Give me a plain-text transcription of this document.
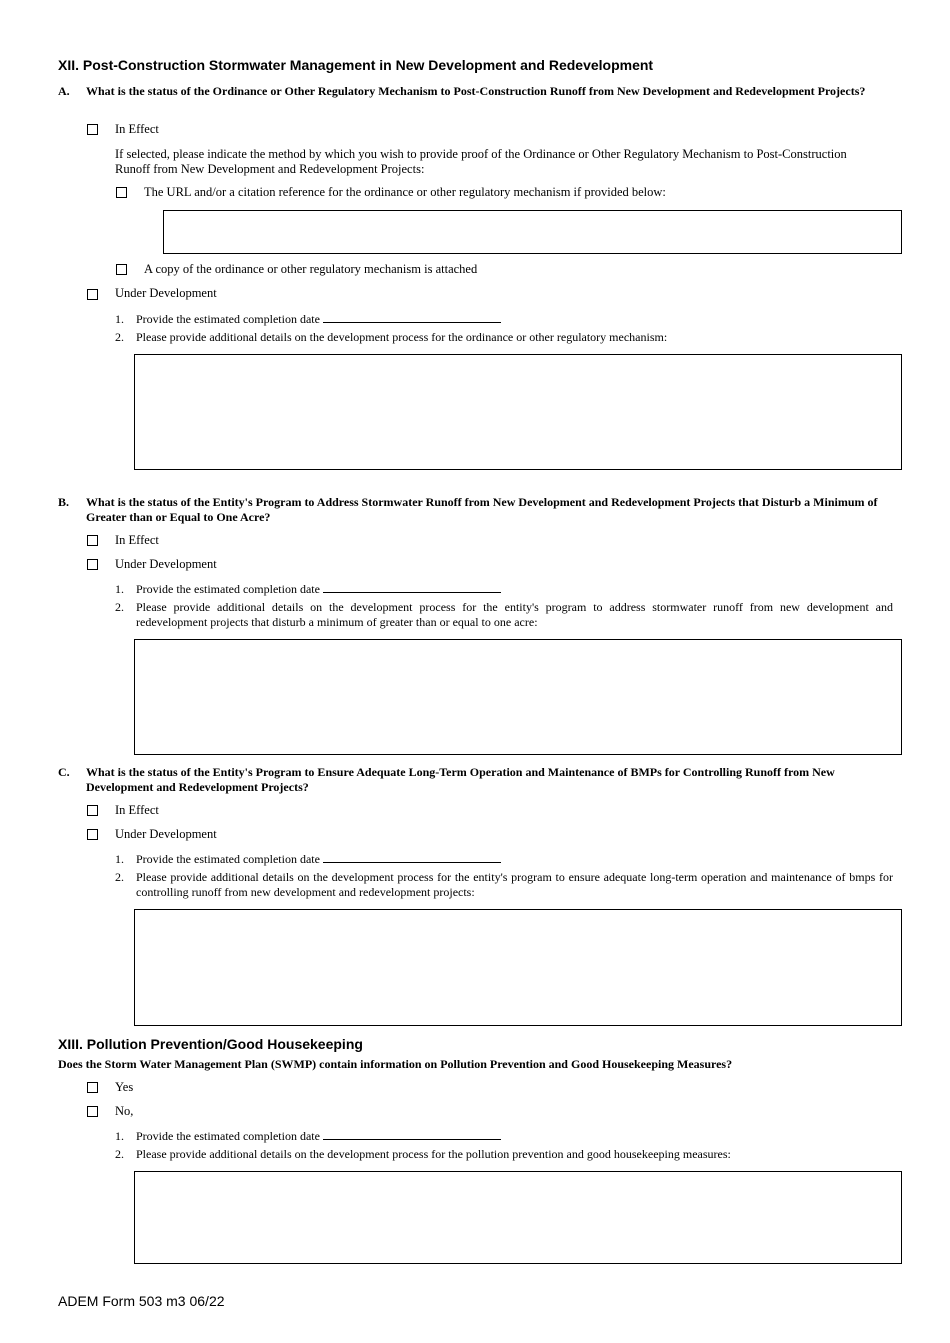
XII. Post-Construction Stormwater Management in New Development and Redevelopment
A. What is the status of the Ordinance or Other Regulatory Mechanism to Post-Construction Runoff from New Development and Redevelopment Projects?
In Effect
If selected, please indicate the method by which you wish to provide proof of the Ordinance or Other Regulatory Mechanism to Post-Construction Runoff from New Development and Redevelopment Projects:
The URL and/or a citation reference for the ordinance or other regulatory mechanism if provided below:
A copy of the ordinance or other regulatory mechanism is attached
Under Development
1. Provide the estimated completion date
2. Please provide additional details on the development process for the ordinance or other regulatory mechanism:
B. What is the status of the Entity's Program to Address Stormwater Runoff from New Development and Redevelopment Projects that Disturb a Minimum of Greater than or Equal to One Acre?
In Effect
Under Development
1. Provide the estimated completion date
2. Please provide additional details on the development process for the entity's program to address stormwater runoff from new development and redevelopment projects that disturb a minimum of greater than or equal to one acre:
C. What is the status of the Entity's Program to Ensure Adequate Long-Term Operation and Maintenance of BMPs for Controlling Runoff from New Development and Redevelopment Projects?
In Effect
Under Development
1. Provide the estimated completion date
2. Please provide additional details on the development process for the entity's program to ensure adequate long-term operation and maintenance of bmps for controlling runoff from new development and redevelopment projects:
XIII. Pollution Prevention/Good Housekeeping
Does the Storm Water Management Plan (SWMP) contain information on Pollution Prevention and Good Housekeeping Measures?
Yes
No,
1. Provide the estimated completion date
2. Please provide additional details on the development process for the pollution prevention and good housekeeping measures:
ADEM Form 503 m3 06/22
